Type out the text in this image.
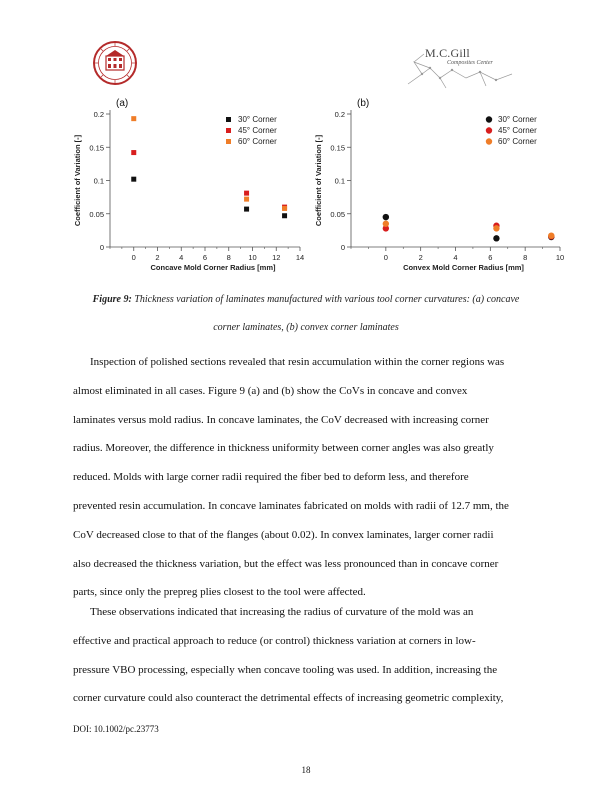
M.C.Gill
Composites Center
(a)
0
0.05
0.1
0.15
0.2
0	2	4	6	8 10 12 14
Concave Mold Corner Radius [mm]
Coefficient of Variation [-]
30° Corner
45° Corner
60° Corner
(b)
0
0.05
0.1
0.15
0.2
0	2	4	6	8	10
Convex Mold Corner Radius [mm]
Coefficient of Variation [-]
30° Corner
45° Corner
60° Corner
Figure 9: Thickness variation of laminates manufactured with various tool corner curvatures: (a) concave
corner laminates, (b) convex corner laminates
Inspection of polished sections revealed that resin accumulation within the corner regions was
almost eliminated in all cases. Figure 9 (a) and (b) show the CoVs in concave and convex
laminates versus mold radius. In concave laminates, the CoV decreased with increasing corner
radius. Moreover, the difference in thickness uniformity between corner angles was also greatly
reduced. Molds with large corner radii required the fiber bed to deform less, and therefore
prevented resin accumulation. In concave laminates fabricated on molds with radii of 12.7 mm, the
CoV decreased close to that of the flanges (about 0.02). In convex laminates, larger corner radii
also decreased the thickness variation, but the effect was less pronounced than in concave corner
parts, since only the prepreg plies closest to the tool were affected.
These observations indicated that increasing the radius of curvature of the mold was an
effective and practical approach to reduce (or control) thickness variation at corners in low-
pressure VBO processing, especially when concave tooling was used. In addition, increasing the
corner curvature could also counteract the detrimental effects of increasing geometric complexity,
DOI: 10.1002/pc.23773
18
